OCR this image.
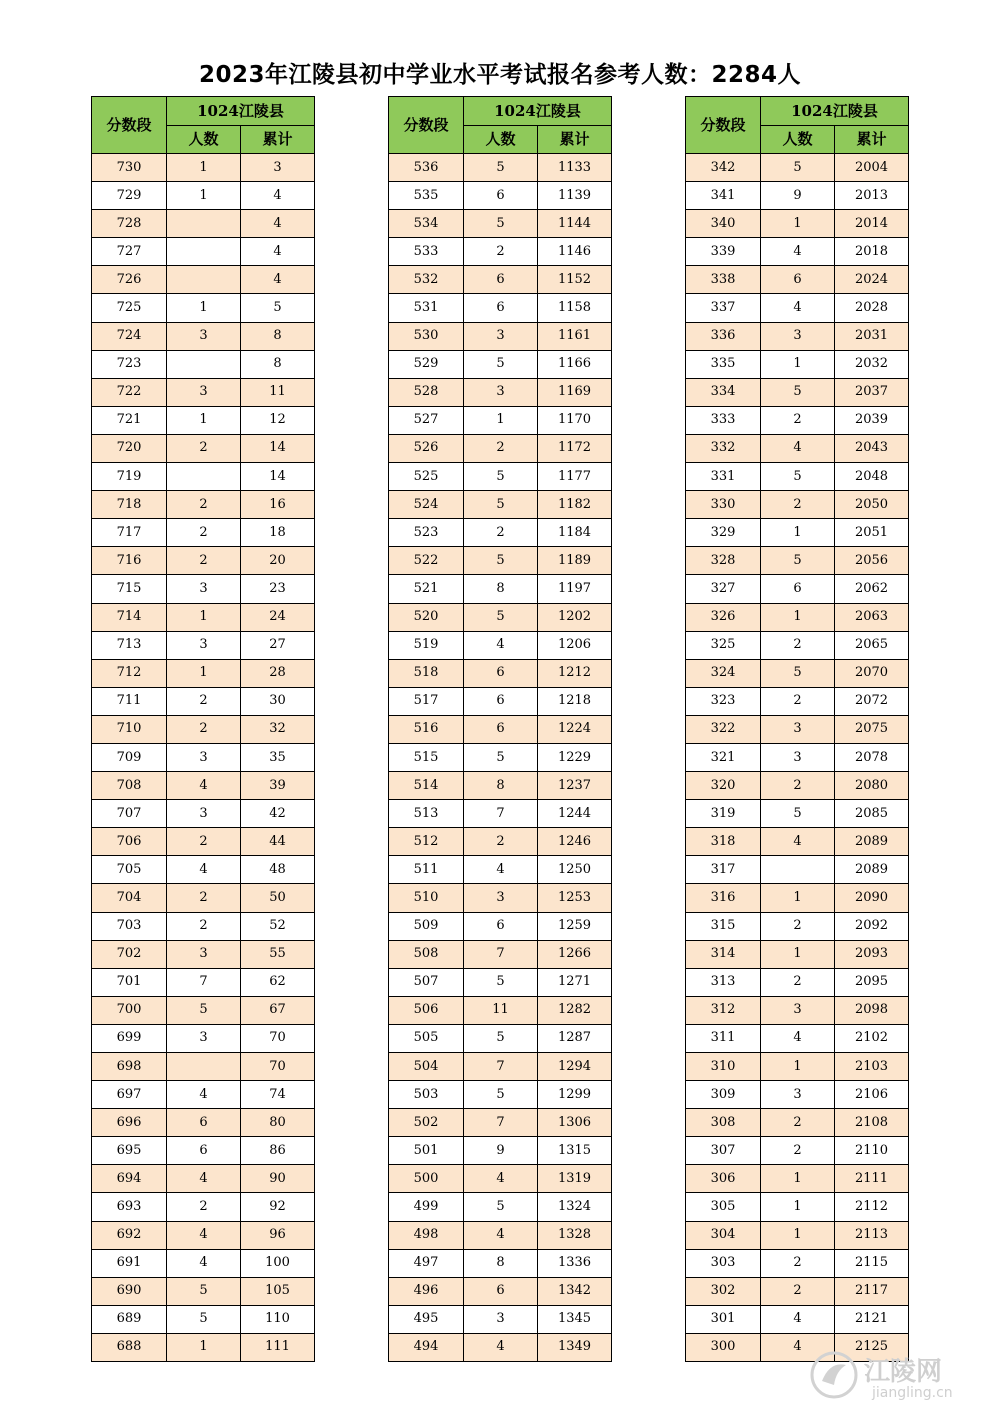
2023年江陵县初中学业水平考试报名参考人数：2284人
分数段	1024江陵县	
	人数	累计
730	1	3
729	1	4
728		4
727		4
726		4
725	1	5
724	3	8
723		8
722	3	11
721	1	12
720	2	14
719		14
718	2	16
717	2	18
716	2	20
715	3	23
714	1	24
713	3	27
712	1	28
711	2	30
710	2	32
709	3	35
708	4	39
707	3	42
706	2	44
705	4	48
704	2	50
703	2	52
702	3	55
701	7	62
700	5	67
699	3	70
698		70
697	4	74
696	6	80
695	6	86
694	4	90
693	2	92
692	4	96
691	4	100
690	5	105
689	5	110
688	1	111
分数段	1024江陵县	
	人数	累计
536	5	1133
535	6	1139
534	5	1144
533	2	1146
532	6	1152
531	6	1158
530	3	1161
529	5	1166
528	3	1169
527	1	1170
526	2	1172
525	5	1177
524	5	1182
523	2	1184
522	5	1189
521	8	1197
520	5	1202
519	4	1206
518	6	1212
517	6	1218
516	6	1224
515	5	1229
514	8	1237
513	7	1244
512	2	1246
511	4	1250
510	3	1253
509	6	1259
508	7	1266
507	5	1271
506	11	1282
505	5	1287
504	7	1294
503	5	1299
502	7	1306
501	9	1315
500	4	1319
499	5	1324
498	4	1328
497	8	1336
496	6	1342
495	3	1345
494	4	1349
分数段	1024江陵县	
	人数	累计
342	5	2004
341	9	2013
340	1	2014
339	4	2018
338	6	2024
337	4	2028
336	3	2031
335	1	2032
334	5	2037
333	2	2039
332	4	2043
331	5	2048
330	2	2050
329	1	2051
328	5	2056
327	6	2062
326	1	2063
325	2	2065
324	5	2070
323	2	2072
322	3	2075
321	3	2078
320	2	2080
319	5	2085
318	4	2089
317		2089
316	1	2090
315	2	2092
314	1	2093
313	2	2095
312	3	2098
311	4	2102
310	1	2103
309	3	2106
308	2	2108
307	2	2110
306	1	2111
305	1	2112
304	1	2113
303	2	2115
302	2	2117
301	4	2121
300	4	2125
江陵网
jiangling.cn
